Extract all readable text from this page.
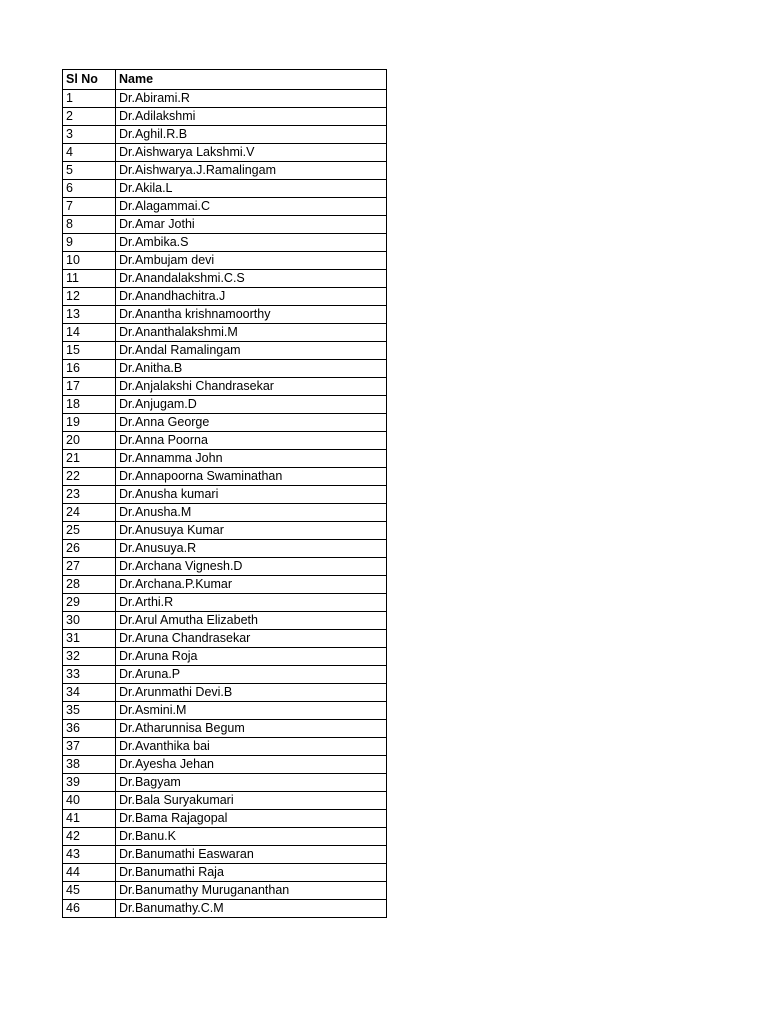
Sl No	Name
1	Dr.Abirami.R
2	Dr.Adilakshmi
3	Dr.Aghil.R.B
4	Dr.Aishwarya Lakshmi.V
5	Dr.Aishwarya.J.Ramalingam
6	Dr.Akila.L
7	Dr.Alagammai.C
8	Dr.Amar Jothi
9	Dr.Ambika.S
10	Dr.Ambujam devi
11	Dr.Anandalakshmi.C.S
12	Dr.Anandhachitra.J
13	Dr.Anantha krishnamoorthy
14	Dr.Ananthalakshmi.M
15	Dr.Andal Ramalingam
16	Dr.Anitha.B
17	Dr.Anjalakshi Chandrasekar
18	Dr.Anjugam.D
19	Dr.Anna George
20	Dr.Anna Poorna
21	Dr.Annamma John
22	Dr.Annapoorna Swaminathan
23	Dr.Anusha kumari
24	Dr.Anusha.M
25	Dr.Anusuya Kumar
26	Dr.Anusuya.R
27	Dr.Archana Vignesh.D
28	Dr.Archana.P.Kumar
29	Dr.Arthi.R
30	Dr.Arul Amutha Elizabeth
31	Dr.Aruna Chandrasekar
32	Dr.Aruna Roja
33	Dr.Aruna.P
34	Dr.Arunmathi Devi.B
35	Dr.Asmini.M
36	Dr.Atharunnisa Begum
37	Dr.Avanthika bai
38	Dr.Ayesha Jehan
39	Dr.Bagyam
40	Dr.Bala Suryakumari
41	Dr.Bama Rajagopal
42	Dr.Banu.K
43	Dr.Banumathi Easwaran
44	Dr.Banumathi Raja
45	Dr.Banumathy Murugananthan
46	Dr.Banumathy.C.M
